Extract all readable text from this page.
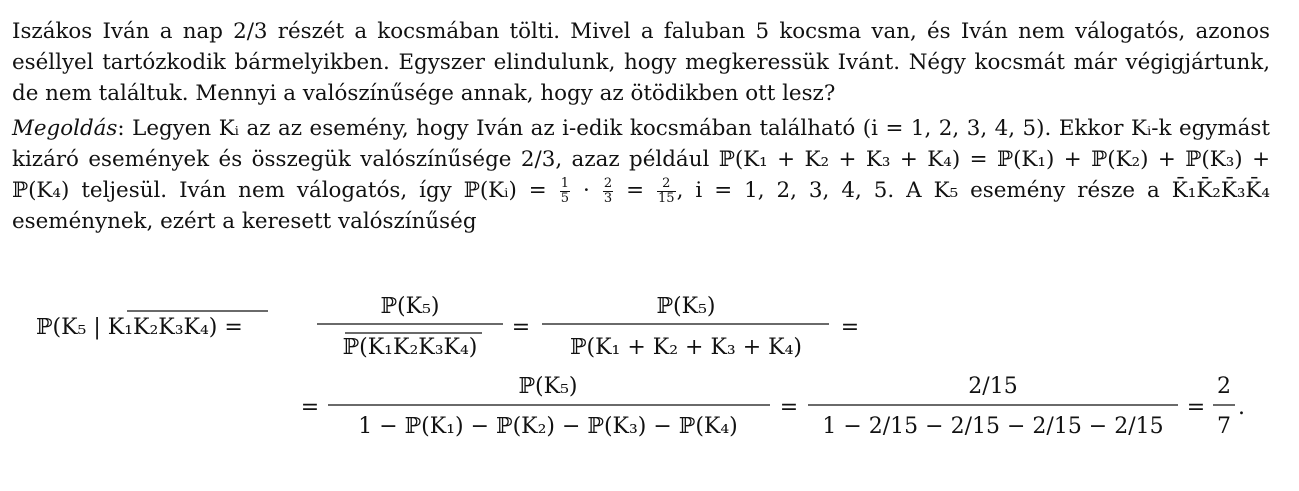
Iszákos Iván a nap 2/3 részét a kocsmában tölti. Mivel a faluban 5 kocsma van, és Iván nem válogatós, azonos eséllyel tartózkodik bármelyikben. Egyszer elindulunk, hogy megkeressük Ivánt. Négy kocsmát már végigjártunk, de nem találtuk. Mennyi a valószínűsége annak, hogy az ötödikben ott lesz?

Megoldás: Legyen Kᵢ az az esemény, hogy Iván az i-edik kocsmában található (i = 1, 2, 3, 4, 5). Ekkor Kᵢ-k egymást kizáró események és összegük valószínűsége 2/3, azaz például ℙ(K₁ + K₂ + K₃ + K₄) = ℙ(K₁) + ℙ(K₂) + ℙ(K₃) + ℙ(K₄) teljesül. Iván nem válogatós, így ℙ(Kᵢ) = $\frac{1}{5} \cdot \frac{2}{3} = \frac{2}{15}$ , i = 1, 2, 3, 4, 5. A K₅ esemény része a K̄₁K̄₂K̄₃K̄₄ eseménynek, ezért a keresett valószínűség

ℙ(K₅ | K₁K₂K₃K₄) =
ℙ(K₅)
ℙ(K₁K₂K₃K₄)
=
ℙ(K₅)
ℙ(K₁ + K₂ + K₃ + K₄)
=
=
ℙ(K₅)
1 − ℙ(K₁) − ℙ(K₂) − ℙ(K₃) − ℙ(K₄)
=
2/15
1 − 2/15 − 2/15 − 2/15 − 2/15
=
2
7
.
